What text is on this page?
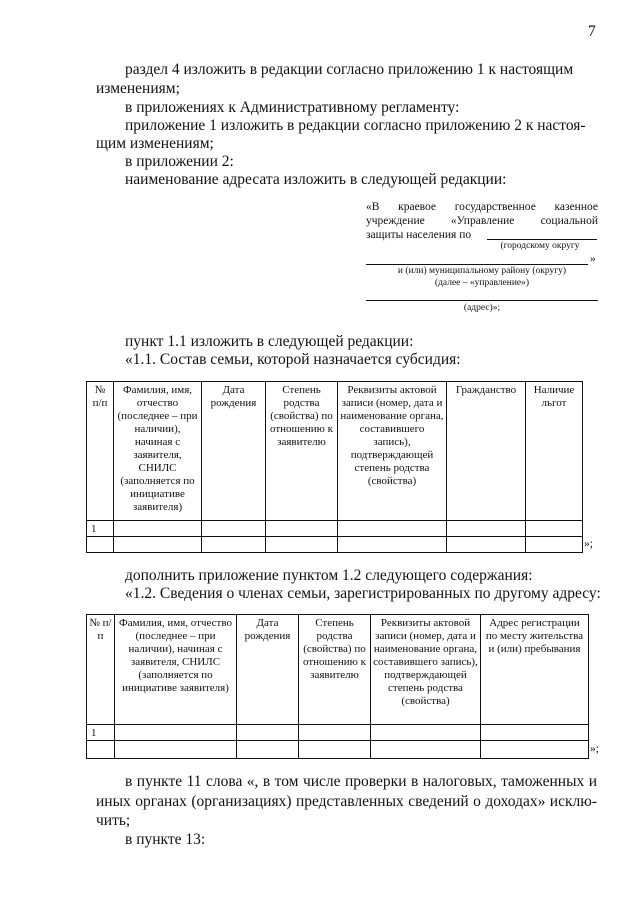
7
раздел 4 изложить в редакции согласно приложению 1 к настоящим
изменениям;
в приложениях к Административному регламенту:
приложение 1 изложить в редакции согласно приложению 2 к настоя-
щим изменениям;
в приложении 2:
наименование адресата изложить в следующей редакции:
«В краевое государственное казенное
учреждение «Управление социальной
защиты населения по
(городскому округу
»
и (или) муниципальному району (округу)
(далее – «управление»)
(адрес)»;
пункт 1.1 изложить в следующей редакции:
«1.1. Состав семьи, которой назначается субсидия:
№ п/п	Фамилия, имя, отчество (последнее – при наличии), начиная с заявителя, СНИЛС (заполняется по инициативе заявителя)	Дата рождения	Степень родства (свойства) по отношению к заявителю	Реквизиты актовой записи (номер, дата и наименование органа, составившего запись), подтверждающей степень родства (свойства)	Гражданство	Наличие льгот
1						

»;
дополнить приложение пунктом 1.2 следующего содержания:
«1.2. Сведения о членах семьи, зарегистрированных по другому адресу:
№ п/п	Фамилия, имя, отчество (последнее – при наличии), начиная с заявителя, СНИЛС (заполняется по инициативе заявителя)	Дата рождения	Степень родства (свойства) по отношению к заявителю	Реквизиты актовой записи (номер, дата и наименование органа, составившего запись), подтверждающей степень родства (свойства)	Адрес регистрации по месту жительства и (или) пребывания
1					

»;
в пункте 11 слова «, в том числе проверки в налоговых, таможенных и
иных органах (организациях) представленных сведений о доходах» исклю-
чить;
в пункте 13:
